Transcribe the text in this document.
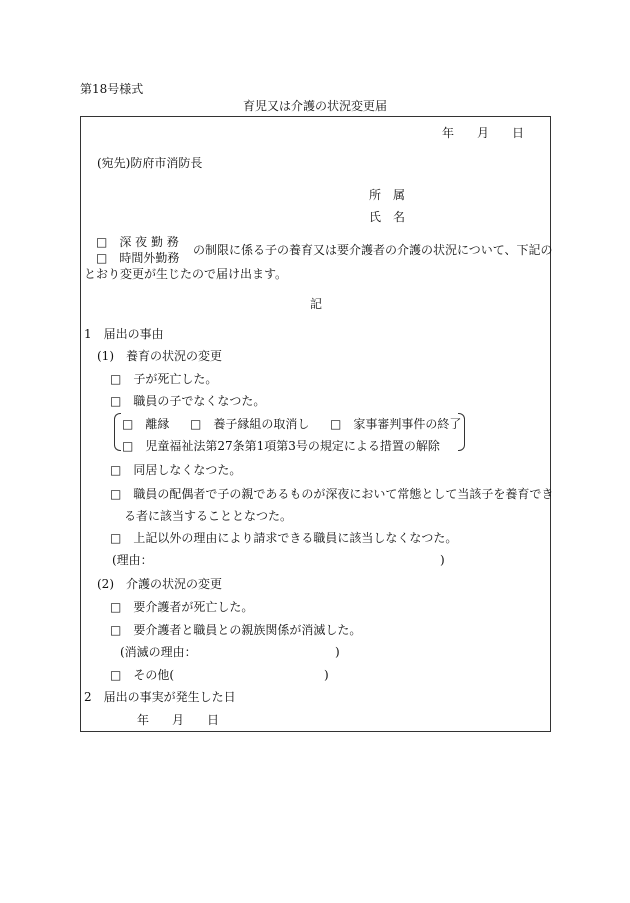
第18号様式
育児又は介護の状況変更届
年 月 日
(宛先)防府市消防長
所　属
氏　名
□　深 夜 勤 務
□　時間外勤務
の制限に係る子の養育又は要介護者の介護の状況について、下記の
とおり変更が生じたので届け出ます。
記
1　届出の事由
(1)　養育の状況の変更
□　子が死亡した。
□　職員の子でなくなつた。
□　離縁 □　養子縁組の取消し □　家事審判事件の終了
□　児童福祉法第27条第1項第3号の規定による措置の解除
□　同居しなくなつた。
□　職員の配偶者で子の親であるものが深夜において常態として当該子を養育でき
る者に該当することとなつた。
□　上記以外の理由により請求できる職員に該当しなくなつた。
(理由：	)
(2)　介護の状況の変更
□　要介護者が死亡した。
□　要介護者と職員との親族関係が消滅した。
(消滅の理由：	)
□　その他(	)
2　届出の事実が発生した日
年 月 日
